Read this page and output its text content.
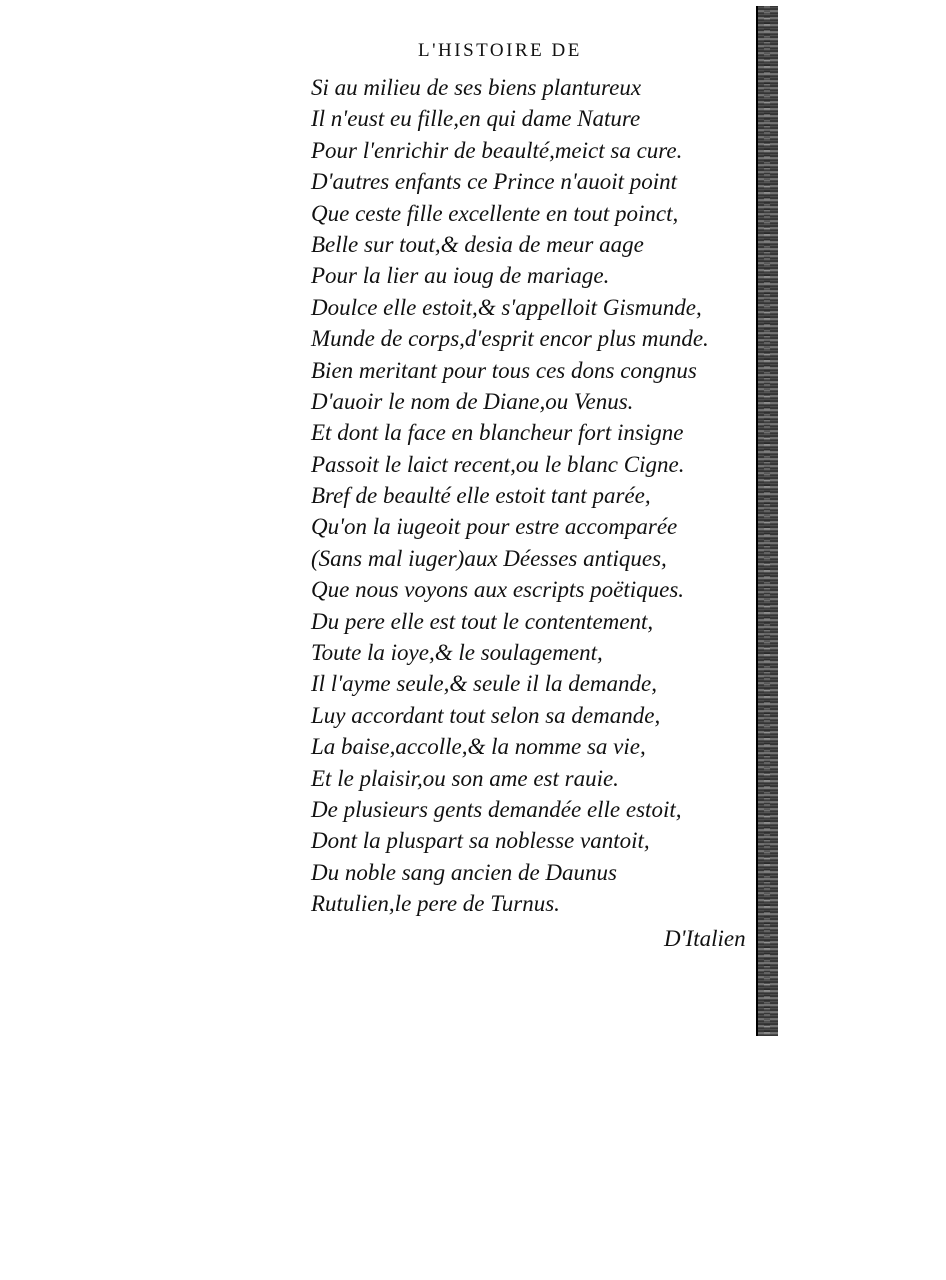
L'HISTOIRE DE
Si au milieu de ses biens plantureux
Il n'eust eu fille,en qui dame Nature
Pour l'enrichir de beaulté,meict sa cure.
D'autres enfants ce Prince n'auoit point
Que ceste fille excellente en tout poinct,
Belle sur tout,& desia de meur aage
Pour la lier au ioug de mariage.
Doulce elle estoit,& s'appelloit Gismunde,
Munde de corps,d'esprit encor plus munde.
Bien meritant pour tous ces dons congnus
D'auoir le nom de Diane,ou Venus.
Et dont la face en blancheur fort insigne
Passoit le laict recent,ou le blanc Cigne.
Bref de beaulté elle estoit tant parée,
Qu'on la iugeoit pour estre accomparée
(Sans mal iuger)aux Déesses antiques,
Que nous voyons aux escripts poëtiques.
Du pere elle est tout le contentement,
Toute la ioye,& le soulagement,
Il l'ayme seule,& seule il la demande,
Luy accordant tout selon sa demande,
La baise,accolle,& la nomme sa vie,
Et le plaisir,ou son ame est rauie.
De plusieurs gents demandée elle estoit,
Dont la pluspart sa noblesse vantoit,
Du noble sang ancien de Daunus
Rutulien,le pere de Turnus.
D'Italien
